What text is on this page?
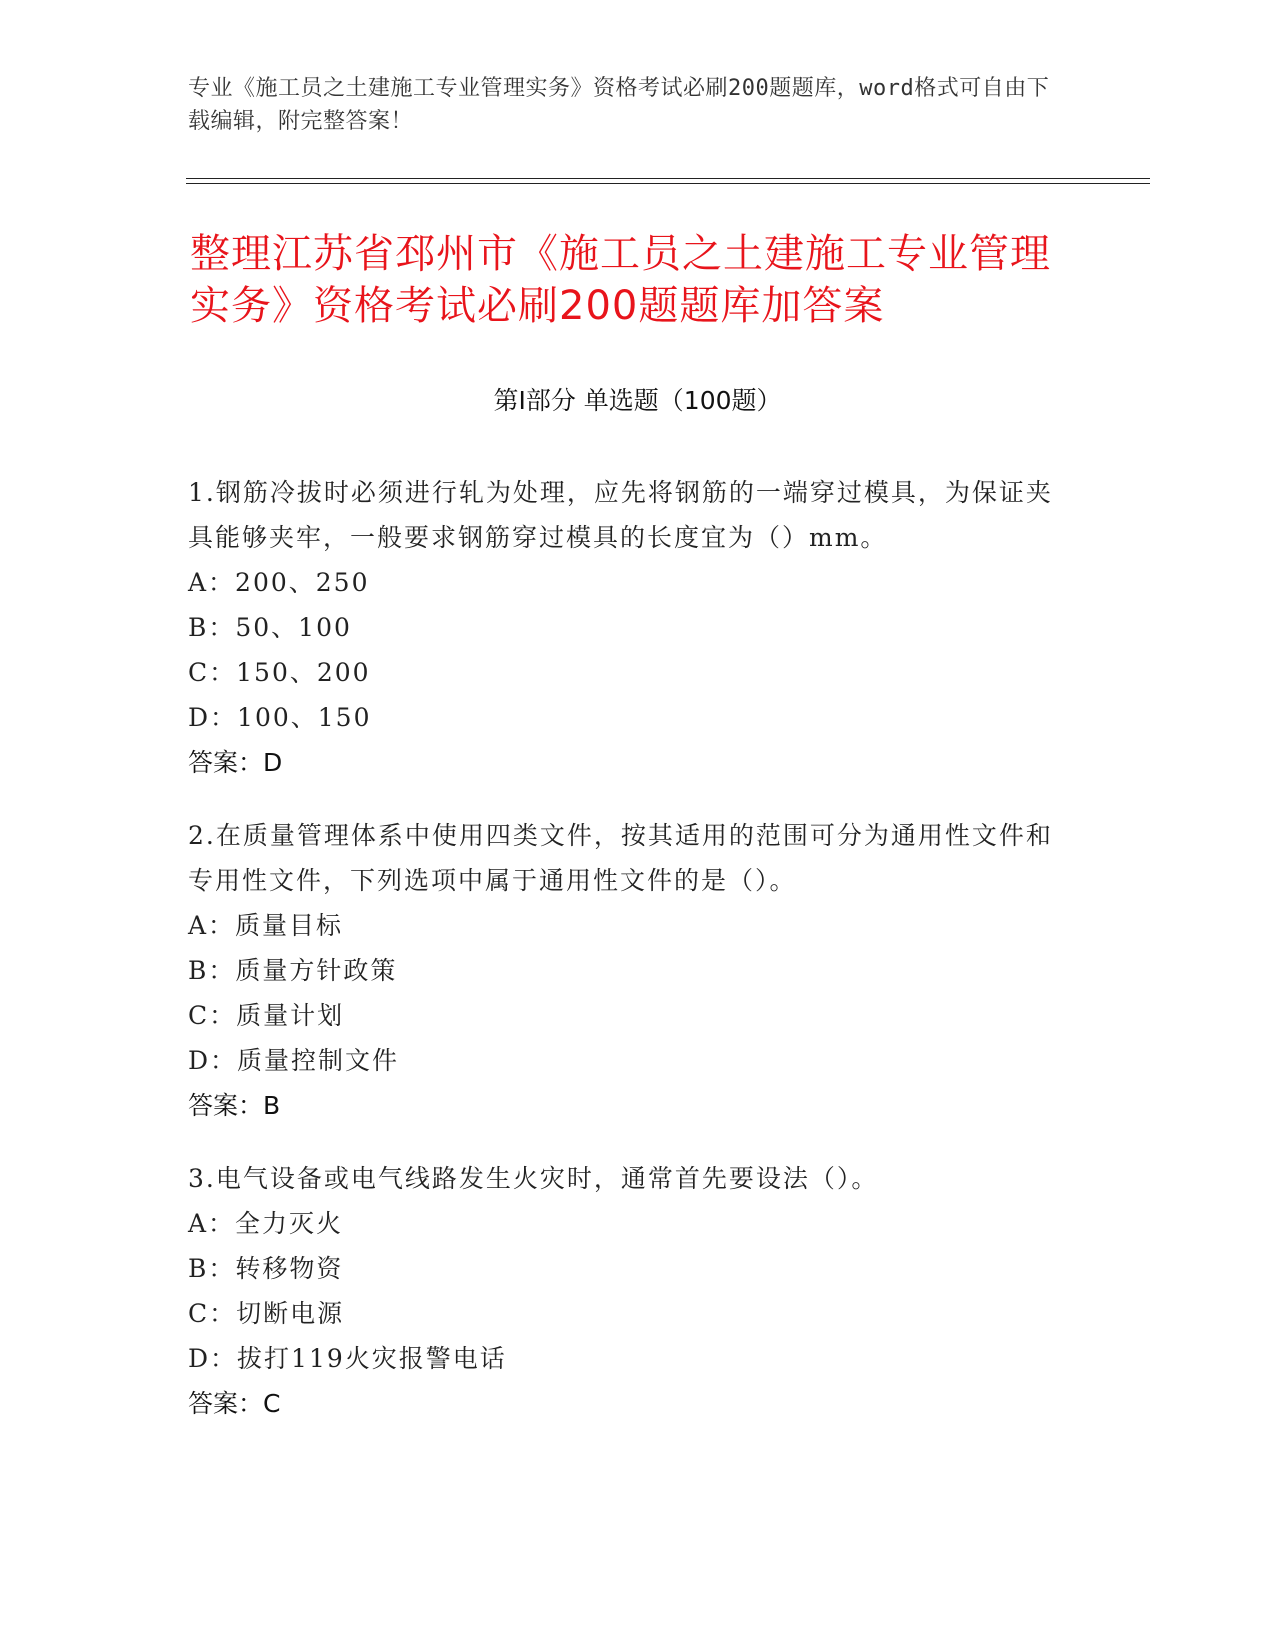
专业《施工员之土建施工专业管理实务》资格考试必刷200题题库，word格式可自由下载编辑，附完整答案！
整理江苏省邳州市《施工员之土建施工专业管理实务》资格考试必刷200题题库加答案
第Ⅰ部分 单选题（100题）
1.钢筋冷拔时必须进行轧为处理，应先将钢筋的一端穿过模具，为保证夹具能够夹牢，一般要求钢筋穿过模具的长度宜为（）mm。
A：200、250
B：50、100
C：150、200
D：100、150
答案：D
2.在质量管理体系中使用四类文件，按其适用的范围可分为通用性文件和专用性文件，下列选项中属于通用性文件的是（）。
A：质量目标
B：质量方针政策
C：质量计划
D：质量控制文件
答案：B
3.电气设备或电气线路发生火灾时，通常首先要设法（）。
A：全力灭火
B：转移物资
C：切断电源
D：拔打119火灾报警电话
答案：C
